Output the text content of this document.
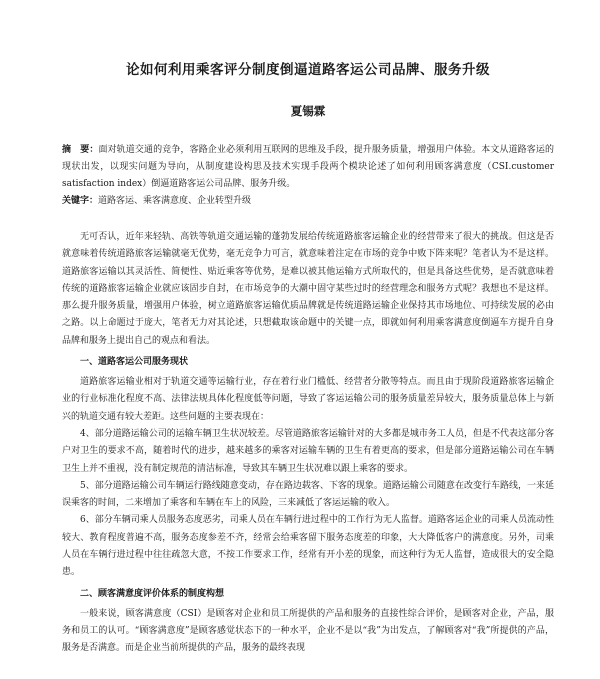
论如何利用乘客评分制度倒逼道路客运公司品牌、服务升级
夏锡霖

摘　要：面对轨道交通的竞争，客路企业必须利用互联网的思维及手段，提升服务质量，增强用户体验。本文从道路客运的现状出发，以现实问题为导向，从制度建设构思及技术实现手段两个模块论述了如何利用顾客满意度（CSI.customer satisfaction index）倒逼道路客运公司品牌、服务升级。

关键字：道路客运、乘客满意度、企业转型升级

无可否认，近年来轻轨、高铁等轨道交通运输的蓬勃发展给传统道路旅客运输企业的经营带来了很大的挑战。但这是否就意味着传统道路旅客运输就毫无优势，毫无竞争力可言，就意味着注定在市场的竞争中败下阵来呢？笔者认为不是这样。道路旅客运输以其灵活性、简便性、贴近乘客等优势，是难以被其他运输方式所取代的，但是具备这些优势，是否就意味着传统的道路旅客运输企业就应该固步自封，在市场竞争的大潮中固守某些过时的经营理念和服务方式呢？我想也不是这样。那么提升服务质量，增强用户体验，树立道路旅客运输优质品牌就是传统道路运输企业保持其市场地位、可持续发展的必由之路。以上命题过于庞大，笔者无力对其论述，只想截取该命题中的关键一点，即就如何利用乘客满意度倒逼车方提升自身品牌和服务上提出自己的观点和看法。

一、道路客运公司服务现状

道路旅客运输业相对于轨道交通等运输行业，存在着行业门槛低、经营者分散等特点。而且由于现阶段道路旅客运输企业的行业标准化程度不高、法律法规具体化程度低等问题，导致了客运运输公司的服务质量差异较大，服务质量总体上与新兴的轨道交通有较大差距。这些问题的主要表现在：

4、部分道路运输公司的运输车辆卫生状况较差。尽管道路旅客运输针对的大多都是城市务工人员，但是不代表这部分客户对卫生的要求不高，随着时代的进步，越来越多的乘客对运输车辆的卫生有着更高的要求，但是部分道路运输公司在车辆卫生上并不重视，没有制定规范的清洁标准，导致其车辆卫生状况难以跟上乘客的要求。

5、部分道路运输公司车辆运行路线随意变动，存在路边载客、下客的现象。道路运输公司随意在改变行车路线，一来延误乘客的时间，二来增加了乘客和车辆在车上的风险，三来减低了客运运输的收入。

6、部分车辆司乘人员服务态度恶劣，司乘人员在车辆行进过程中的工作行为无人监督。道路客运企业的司乘人员流动性较大、教育程度普遍不高，服务态度参差不齐，经常会给乘客留下服务态度差的印象，大大降低客户的满意度。另外，司乘人员在车辆行进过程中往往疏忽大意，不按工作要求工作，经常有开小差的现象，而这种行为无人监督，造成很大的安全隐患。

二、顾客满意度评价体系的制度构想

一般来说，顾客满意度（CSI）是顾客对企业和员工所提供的产品和服务的直接性综合评价，是顾客对企业，产品，服务和员工的认可。“顾客满意度”是顾客感觉状态下的一种水平，企业不是以“我”为出发点，了解顾客对“我”所提供的产品，服务是否满意。而是企业当前所提供的产品，服务的最终表现
